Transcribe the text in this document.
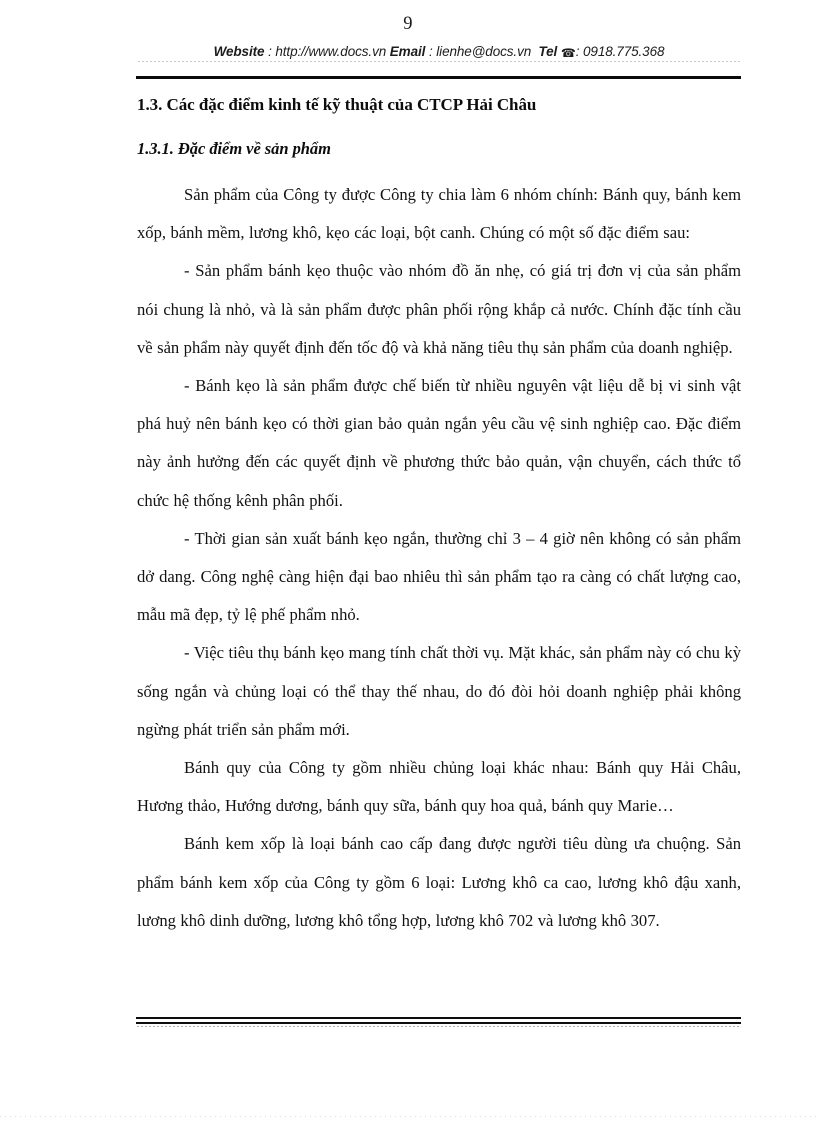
9
Website : http://www.docs.vn Email : lienhe@docs.vn Tel ☎: 0918.775.368
1.3. Các đặc điểm kinh tế kỹ thuật của CTCP Hải Châu
1.3.1. Đặc điểm về sản phẩm

Sản phẩm của Công ty được Công ty chia làm 6 nhóm chính: Bánh quy, bánh kem xốp, bánh mềm, lương khô, kẹo các loại, bột canh. Chúng có một số đặc điểm sau:

- Sản phẩm bánh kẹo thuộc vào nhóm đồ ăn nhẹ, có giá trị đơn vị của sản phẩm nói chung là nhỏ, và là sản phẩm được phân phối rộng khắp cả nước. Chính đặc tính cầu về sản phẩm này quyết định đến tốc độ và khả năng tiêu thụ sản phẩm của doanh nghiệp.

- Bánh kẹo là sản phẩm được chế biến từ nhiều nguyên vật liệu dễ bị vi sinh vật phá huỷ nên bánh kẹo có thời gian bảo quản ngắn yêu cầu vệ sinh nghiệp cao. Đặc điểm này ảnh hưởng đến các quyết định về phương thức bảo quản, vận chuyển, cách thức tổ chức hệ thống kênh phân phối.

- Thời gian sản xuất bánh kẹo ngắn, thường chỉ 3 – 4 giờ nên không có sản phẩm dở dang. Công nghệ càng hiện đại bao nhiêu thì sản phẩm tạo ra càng có chất lượng cao, mẫu mã đẹp, tỷ lệ phế phẩm nhỏ.

- Việc tiêu thụ bánh kẹo mang tính chất thời vụ. Mặt khác, sản phẩm này có chu kỳ sống ngắn và chủng loại có thể thay thế nhau, do đó đòi hỏi doanh nghiệp phải không ngừng phát triển sản phẩm mới.

Bánh quy của Công ty gồm nhiều chủng loại khác nhau: Bánh quy Hải Châu, Hương thảo, Hướng dương, bánh quy sữa, bánh quy hoa quả, bánh quy Marie…

Bánh kem xốp là loại bánh cao cấp đang được người tiêu dùng ưa chuộng. Sản phẩm bánh kem xốp của Công ty gồm 6 loại: Lương khô ca cao, lương khô đậu xanh, lương khô dinh dưỡng, lương khô tổng hợp, lương khô 702 và lương khô 307.
